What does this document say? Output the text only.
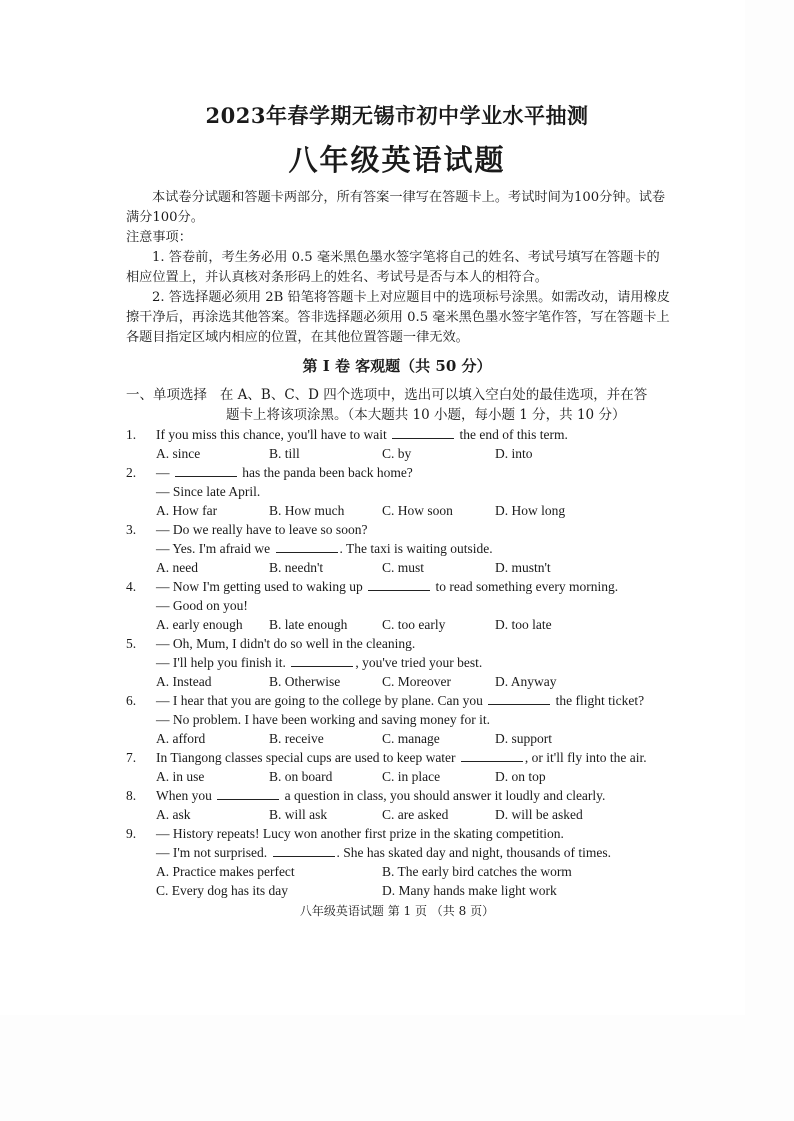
2023年春学期无锡市初中学业水平抽测
八年级英语试题

本试卷分试题和答题卡两部分，所有答案一律写在答题卡上。考试时间为100分钟。试卷满分100分。

注意事项：

1. 答卷前，考生务必用 0.5 毫米黑色墨水签字笔将自己的姓名、考试号填写在答题卡的相应位置上，并认真核对条形码上的姓名、考试号是否与本人的相符合。

2. 答选择题必须用 2B 铅笔将答题卡上对应题目中的选项标号涂黑。如需改动，请用橡皮擦干净后，再涂选其他答案。答非选择题必须用 0.5 毫米黑色墨水签字笔作答，写在答题卡上各题目指定区域内相应的位置，在其他位置答题一律无效。

第 I 卷 客观题（共 50 分）
一、单项选择 在 A、B、C、D 四个选项中，选出可以填入空白处的最佳选项，并在答
题卡上将该项涂黑。（本大题共 10 小题，每小题 1 分，共 10 分）
1. If you miss this chance, you'll have to wait	the end of this term.
A. since	B. till	C. by	D. into
2. —	has the panda been back home?
— Since late April.
A. How far	B. How much	C. How soon	D. How long
3. — Do we really have to leave so soon?
— Yes. I'm afraid we	. The taxi is waiting outside.
A. need	B. needn't	C. must	D. mustn't
4. — Now I'm getting used to waking up	to read something every morning.
— Good on you!
A. early enough B. late enough	C. too early	D. too late
5. — Oh, Mum, I didn't do so well in the cleaning.
— I'll help you finish it.	, you've tried your best.
A. Instead	B. Otherwise	C. Moreover	D. Anyway
6. — I hear that you are going to the college by plane. Can you	the flight ticket?
— No problem. I have been working and saving money for it.
A. afford	B. receive	C. manage	D. support
7. In Tiangong classes special cups are used to keep water	, or it'll fly into the air.
A. in use	B. on board	C. in place	D. on top
8. When you	a question in class, you should answer it loudly and clearly.
A. ask	B. will ask	C. are asked	D. will be asked
9. — History repeats! Lucy won another first prize in the skating competition.
— I'm not surprised.	. She has skated day and night, thousands of times.
A. Practice makes perfect	B. The early bird catches the worm
C. Every dog has its day	D. Many hands make light work
八年级英语试题 第 1 页 （共 8 页）
